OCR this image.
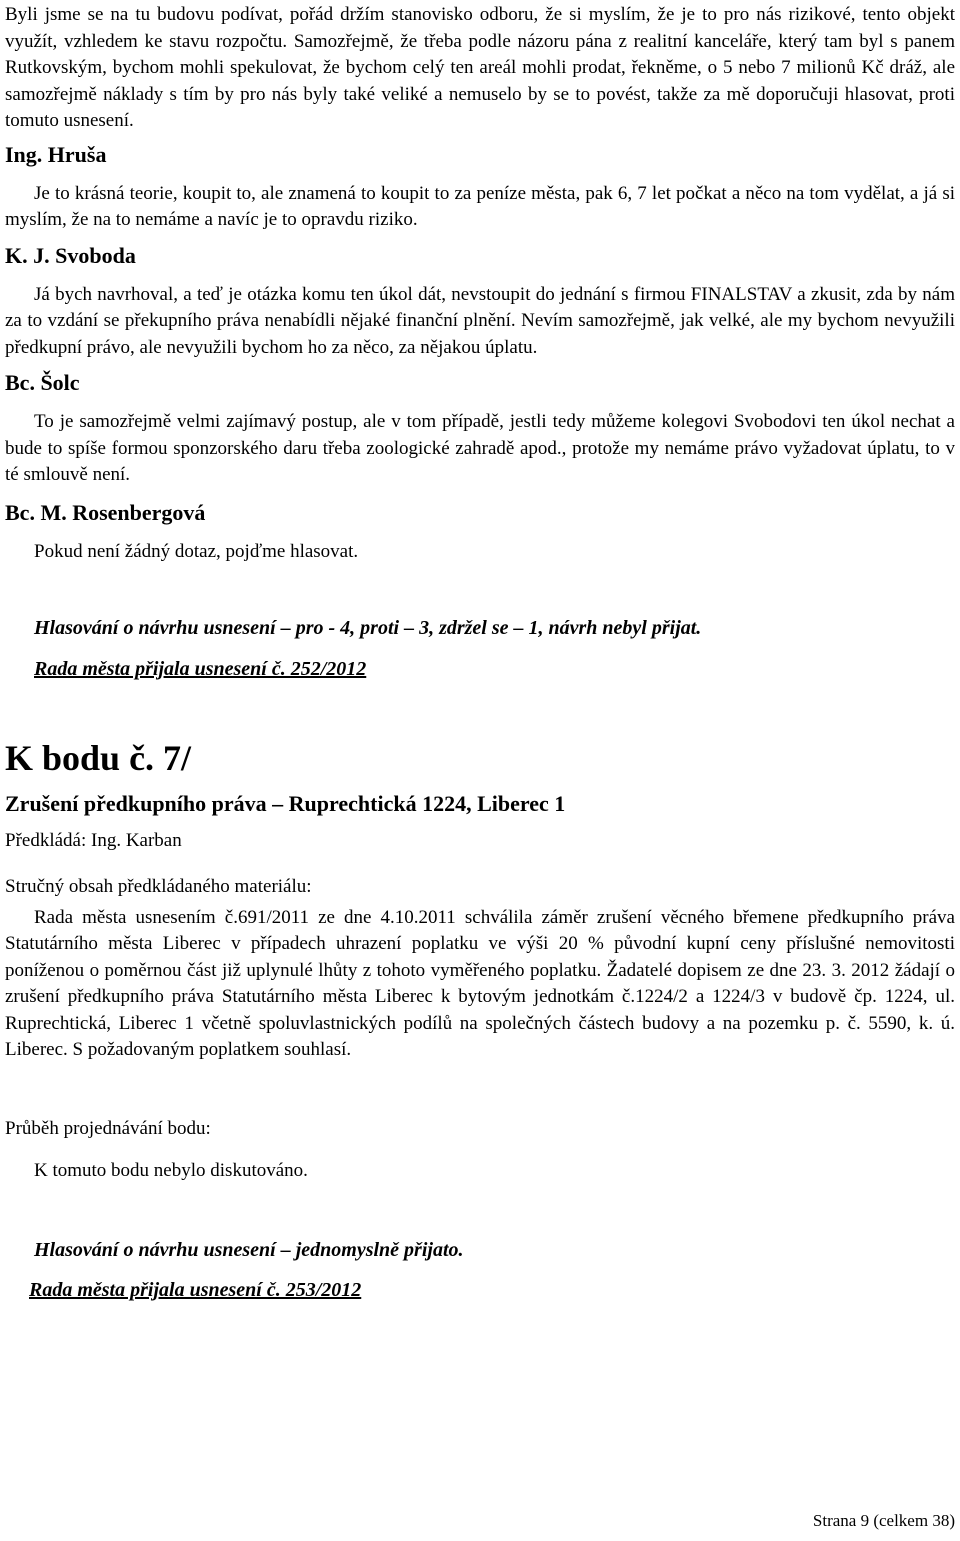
Byli jsme se na tu budovu podívat, pořád držím stanovisko odboru, že si myslím, že je to pro nás rizikové, tento objekt využít, vzhledem ke stavu rozpočtu. Samozřejmě, že třeba podle názoru pána z realitní kanceláře, který tam byl s panem Rutkovským, bychom mohli spekulovat, že bychom celý ten areál mohli prodat, řekněme, o 5 nebo 7 milionů Kč dráž, ale samozřejmě náklady s tím by pro nás byly také veliké a nemuselo by se to povést, takže za mě doporučuji hlasovat, proti tomuto usnesení.

Ing. Hruša

Je to krásná teorie, koupit to, ale znamená to koupit to za peníze města, pak 6, 7 let počkat a něco na tom vydělat, a já si myslím, že na to nemáme a navíc je to opravdu riziko.

K. J. Svoboda

Já bych navrhoval, a teď je otázka komu ten úkol dát, nevstoupit do jednání s firmou FINALSTAV a zkusit, zda by nám za to vzdání se překupního práva nenabídli nějaké finanční plnění. Nevím samozřejmě, jak velké, ale my bychom nevyužili předkupní právo, ale nevyužili bychom ho za něco, za nějakou úplatu.

Bc. Šolc

To je samozřejmě velmi zajímavý postup, ale v tom případě, jestli tedy můžeme kolegovi Svobodovi ten úkol nechat a bude to spíše formou sponzorského daru třeba zoologické zahradě apod., protože my nemáme právo vyžadovat úplatu, to v té smlouvě není.

Bc. M. Rosenbergová

Pokud není žádný dotaz, pojďme hlasovat.

Hlasování o návrhu usnesení – pro - 4, proti – 3, zdržel se – 1, návrh nebyl přijat.
Rada města přijala usnesení č. 252/2012
K bodu č. 7/
Zrušení předkupního práva – Ruprechtická 1224, Liberec 1
Předkládá: Ing. Karban
Stručný obsah předkládaného materiálu:

Rada města usnesením č.691/2011 ze dne 4.10.2011 schválila záměr zrušení věcného břemene předkupního práva Statutárního města Liberec v případech uhrazení poplatku ve výši 20 % původní kupní ceny příslušné nemovitosti poníženou o poměrnou část již uplynulé lhůty z tohoto vyměřeného poplatku. Žadatelé dopisem ze dne 23. 3. 2012 žádají o zrušení předkupního práva Statutárního města Liberec k bytovým jednotkám č.1224/2 a 1224/3 v budově čp. 1224, ul. Ruprechtická, Liberec 1 včetně spoluvlastnických podílů na společných částech budovy a na pozemku p. č. 5590, k. ú. Liberec. S požadovaným poplatkem souhlasí.

Průběh projednávání bodu:
K tomuto bodu nebylo diskutováno.
Hlasování o návrhu usnesení – jednomyslně přijato.
Rada města přijala usnesení č. 253/2012
Strana 9 (celkem 38)
